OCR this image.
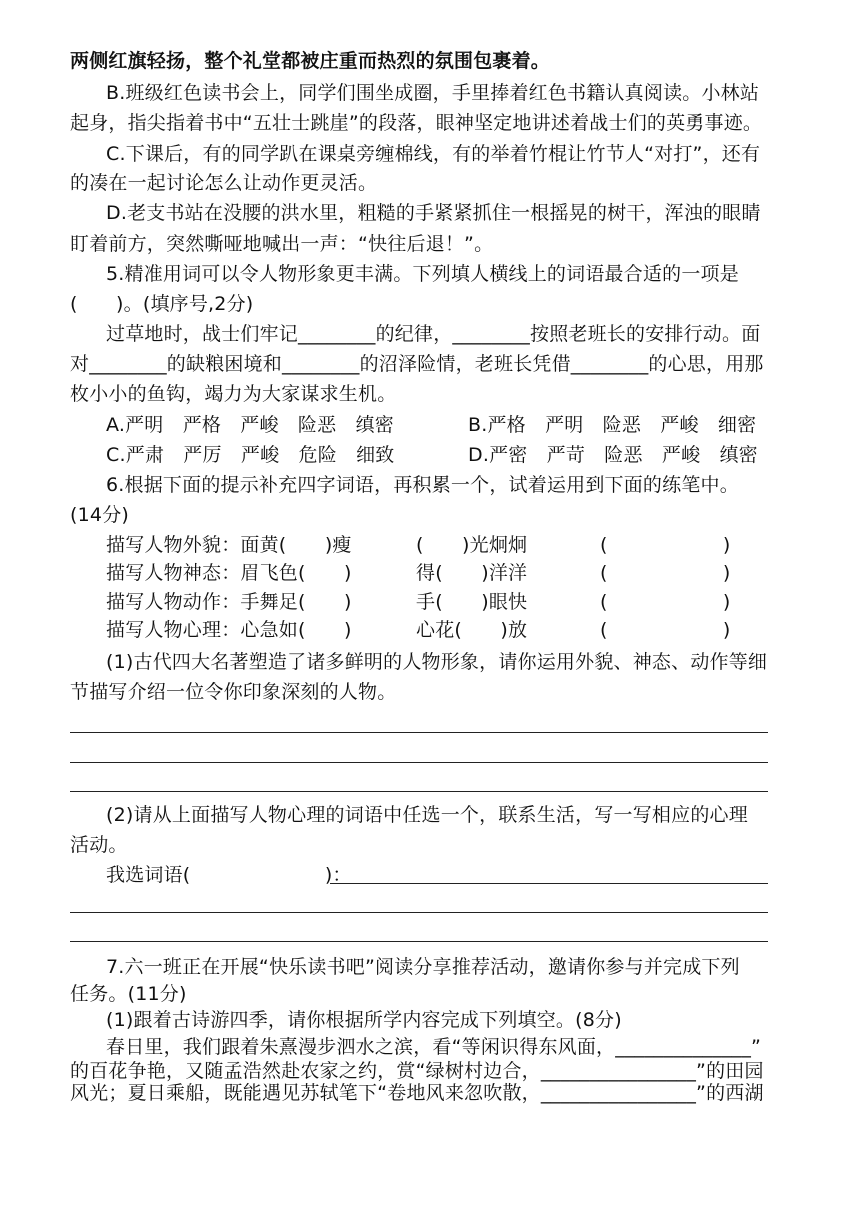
两侧红旗轻扬，整个礼堂都被庄重而热烈的氛围包裹着。
B.班级红色读书会上，同学们围坐成圈，手里捧着红色书籍认真阅读。小林站
起身，指尖指着书中“五壮士跳崖”的段落，眼神坚定地讲述着战士们的英勇事迹。
C.下课后，有的同学趴在课桌旁缠棉线，有的举着竹棍让竹节人“对打”，还有
的凑在一起讨论怎么让动作更灵活。
D.老支书站在没腰的洪水里，粗糙的手紧紧抓住一根摇晃的树干，浑浊的眼睛
盯着前方，突然嘶哑地喊出一声：“快往后退！”。
5.精准用词可以令人物形象更丰满。下列填人横线上的词语最合适的一项是
(　　)。(填序号,2分)
过草地时，战士们牢记________的纪律，________按照老班长的安排行动。面
对________的缺粮困境和________的沼泽险情，老班长凭借________的心思，用那
枚小小的鱼钩，竭力为大家谋求生机。
A.严明　严格　严峻　险恶　缜密	B.严格　严明　险恶　严峻　细密
C.严肃　严厉　严峻　危险　细致	D.严密　严苛　险恶　严峻　缜密
6.根据下面的提示补充四字词语，再积累一个，试着运用到下面的练笔中。
(14分)
描写人物外貌：面黄(　　)瘦	(　　)光炯炯	(　　　　　　)
描写人物神态：眉飞色(　　)	得(　　)洋洋	(　　　　　　)
描写人物动作：手舞足(　　)	手(　　)眼快	(　　　　　　)
描写人物心理：心急如(　　)	心花(　　)放	(　　　　　　)
(1)古代四大名著塑造了诸多鲜明的人物形象，请你运用外貌、神态、动作等细
节描写介绍一位令你印象深刻的人物。
(2)请从上面描写人物心理的词语中任选一个，联系生活，写一写相应的心理
活动。
我选词语(　　　　　　　)：
7.六一班正在开展“快乐读书吧”阅读分享推荐活动，邀请你参与并完成下列
任务。(11分)
(1)跟着古诗游四季，请你根据所学内容完成下列填空。(8分)
春日里，我们跟着朱熹漫步泗水之滨，看“等闲识得东风面，______________”
的百花争艳，又随孟浩然赴农家之约，赏“绿树村边合，________________”的田园
风光；夏日乘船，既能遇见苏轼笔下“卷地风来忽吹散，________________”的西湖
